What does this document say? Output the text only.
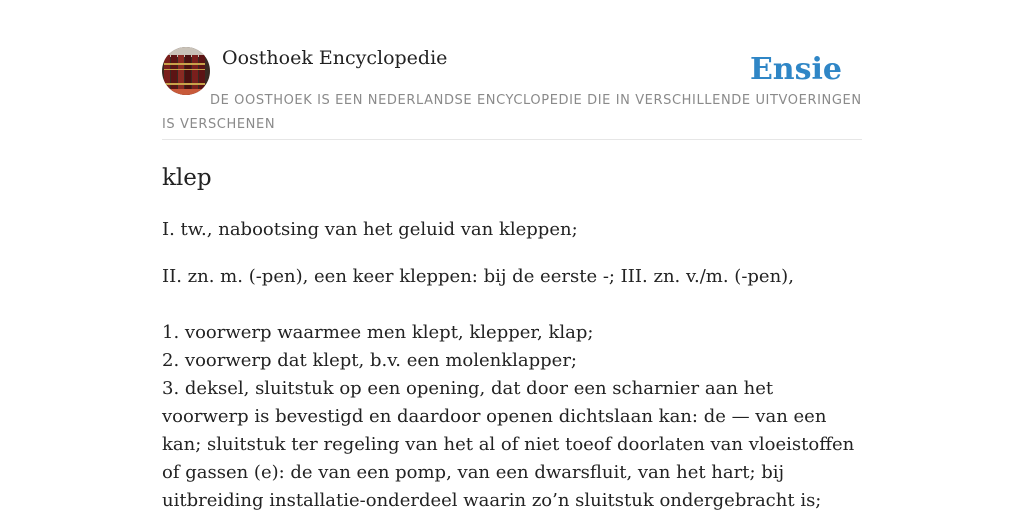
Oosthoek Encyclopedie	Ensie

DE OOSTHOEK IS EEN NEDERLANDSE ENCYCLOPEDIE DIE IN VERSCHILLENDE UITVOERINGEN IS VERSCHENEN

klep

I. tw., nabootsing van het geluid van kleppen;

II. zn. m. (-pen), een keer kleppen: bij de eerste -; III. zn. v./m. (-pen),

1. voorwerp waarmee men klept, klepper, klap;

2. voorwerp dat klept, b.v. een molenklapper;

3. deksel, sluitstuk op een opening, dat door een scharnier aan het voorwerp is bevestigd en daardoor openen dichtslaan kan: de — van een kan; sluitstuk ter regeling van het al of niet toeof doorlaten van vloeistoffen of gassen (e): de van een pomp, van een dwarsfluit, van het hart; bij uitbreiding installatie-onderdeel waarin zo’n sluitstuk ondergebracht is;
